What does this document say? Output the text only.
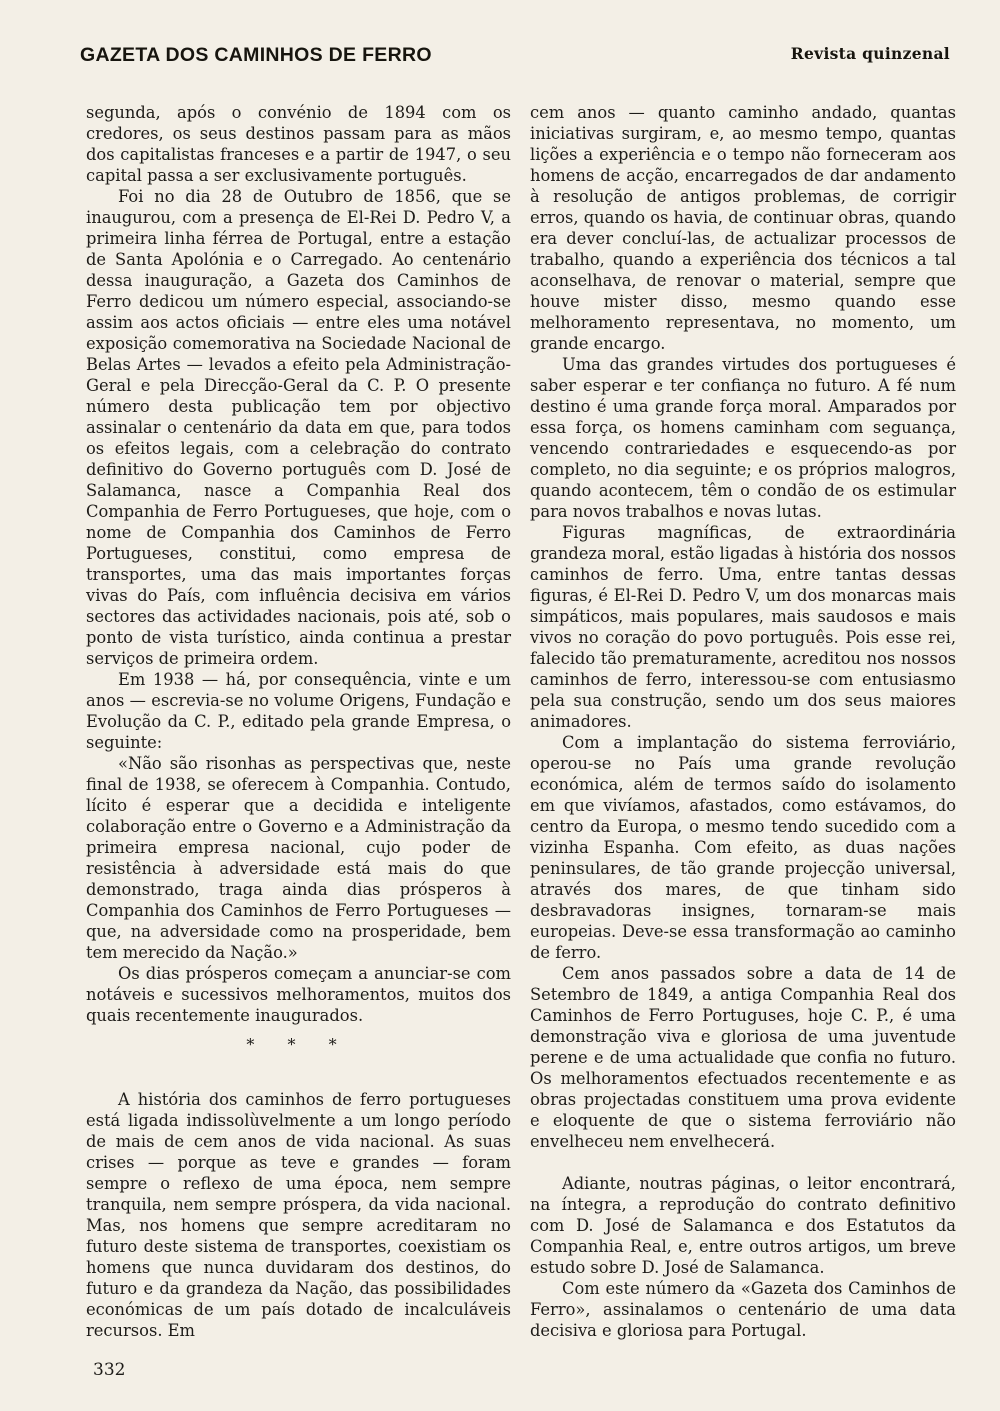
GAZETA DOS CAMINHOS DE FERRO	Revista quinzenal

segunda, após o convénio de 1894 com os credores, os seus destinos passam para as mãos dos capitalistas franceses e a partir de 1947, o seu capital passa a ser exclusivamente português.

Foi no dia 28 de Outubro de 1856, que se inaugurou, com a presença de El-Rei D. Pedro V, a primeira linha férrea de Portugal, entre a estação de Santa Apolónia e o Carregado. Ao centenário dessa inauguração, a Gazeta dos Caminhos de Ferro dedicou um número especial, associando-se assim aos actos oficiais — entre eles uma notável exposição comemorativa na Sociedade Nacional de Belas Artes — levados a efeito pela Administração-Geral e pela Direcção-Geral da C. P. O presente número desta publicação tem por objectivo assinalar o centenário da data em que, para todos os efeitos legais, com a celebração do contrato definitivo do Governo português com D. José de Salamanca, nasce a Companhia Real dos Companhia de Ferro Portugueses, que hoje, com o nome de Companhia dos Caminhos de Ferro Portugueses, constitui, como empresa de transportes, uma das mais importantes forças vivas do País, com influência decisiva em vários sectores das actividades nacionais, pois até, sob o ponto de vista turístico, ainda continua a prestar serviços de primeira ordem.

Em 1938 — há, por consequência, vinte e um anos — escrevia-se no volume Origens, Fundação e Evolução da C. P., editado pela grande Empresa, o seguinte:

«Não são risonhas as perspectivas que, neste final de 1938, se oferecem à Companhia. Contudo, lícito é esperar que a decidida e inteligente colaboração entre o Governo e a Administração da primeira empresa nacional, cujo poder de resistência à adversidade está mais do que demonstrado, traga ainda dias prósperos à Companhia dos Caminhos de Ferro Portugueses — que, na adversidade como na prosperidade, bem tem merecido da Nação.»

Os dias prósperos começam a anunciar-se com notáveis e sucessivos melhoramentos, muitos dos quais recentemente inaugurados.

* * *

A história dos caminhos de ferro portugueses está ligada indissolùvelmente a um longo período de mais de cem anos de vida nacional. As suas crises — porque as teve e grandes — foram sempre o reflexo de uma época, nem sempre tranquila, nem sempre próspera, da vida nacional. Mas, nos homens que sempre acreditaram no futuro deste sistema de transportes, coexistiam os homens que nunca duvidaram dos destinos, do futuro e da grandeza da Nação, das possibilidades económicas de um país dotado de incalculáveis recursos. Em

cem anos — quanto caminho andado, quantas iniciativas surgiram, e, ao mesmo tempo, quantas lições a experiência e o tempo não forneceram aos homens de acção, encarregados de dar andamento à resolução de antigos problemas, de corrigir erros, quando os havia, de continuar obras, quando era dever concluí-las, de actualizar processos de trabalho, quando a experiência dos técnicos a tal aconselhava, de renovar o material, sempre que houve mister disso, mesmo quando esse melhoramento representava, no momento, um grande encargo.

Uma das grandes virtudes dos portugueses é saber esperar e ter confiança no futuro. A fé num destino é uma grande força moral. Amparados por essa força, os homens caminham com seguança, vencendo contrariedades e esquecendo-as por completo, no dia seguinte; e os próprios malogros, quando acontecem, têm o condão de os estimular para novos trabalhos e novas lutas.

Figuras magníficas, de extraordinária grandeza moral, estão ligadas à história dos nossos caminhos de ferro. Uma, entre tantas dessas figuras, é El-Rei D. Pedro V, um dos monarcas mais simpáticos, mais populares, mais saudosos e mais vivos no coração do povo português. Pois esse rei, falecido tão prematuramente, acreditou nos nossos caminhos de ferro, interessou-se com entusiasmo pela sua construção, sendo um dos seus maiores animadores.

Com a implantação do sistema ferroviário, operou-se no País uma grande revolução económica, além de termos saído do isolamento em que vivíamos, afastados, como estávamos, do centro da Europa, o mesmo tendo sucedido com a vizinha Espanha. Com efeito, as duas nações peninsulares, de tão grande projecção universal, através dos mares, de que tinham sido desbravadoras insignes, tornaram-se mais europeias. Deve-se essa transformação ao caminho de ferro.

Cem anos passados sobre a data de 14 de Setembro de 1849, a antiga Companhia Real dos Caminhos de Ferro Portuguses, hoje C. P., é uma demonstração viva e gloriosa de uma juventude perene e de uma actualidade que confia no futuro. Os melhoramentos efectuados recentemente e as obras projectadas constituem uma prova evidente e eloquente de que o sistema ferroviário não envelheceu nem envelhecerá.

Adiante, noutras páginas, o leitor encontrará, na íntegra, a reprodução do contrato definitivo com D. José de Salamanca e dos Estatutos da Companhia Real, e, entre outros artigos, um breve estudo sobre D. José de Salamanca.

Com este número da «Gazeta dos Caminhos de Ferro», assinalamos o centenário de uma data decisiva e gloriosa para Portugal.

332
